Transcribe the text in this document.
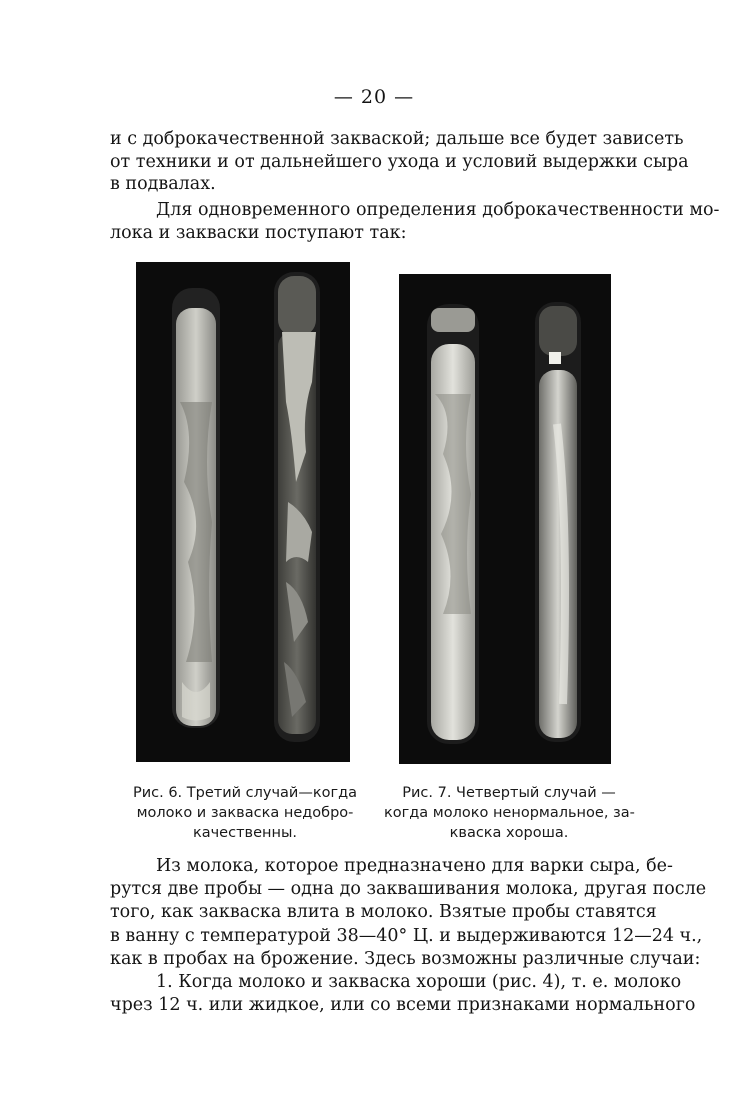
— 20 —
и с доброкачественной закваской; дальше все будет зависеть
от техники и от дальнейшего ухода и условий выдержки сыра
в подвалах.
Для одновременного определения доброкачественности мо-
лока и закваски поступают так:
Рис. 6. Третий случай—когда
молоко и закваска недобро-
качественны.
Рис. 7. Четвертый случай —
когда молоко ненормальное, за-
кваска хороша.
Из молока, которое предназначено для варки сыра, бе-
рутся две пробы — одна до заквашивания молока, другая после
того, как закваска влита в молоко. Взятые пробы ставятся
в ванну с температурой 38—40° Ц. и выдерживаются 12—24 ч.,
как в пробах на брожение. Здесь возможны различные случаи:
1. Когда молоко и закваска хороши (рис. 4), т. е. молоко
чрез 12 ч. или жидкое, или со всеми признаками нормального
